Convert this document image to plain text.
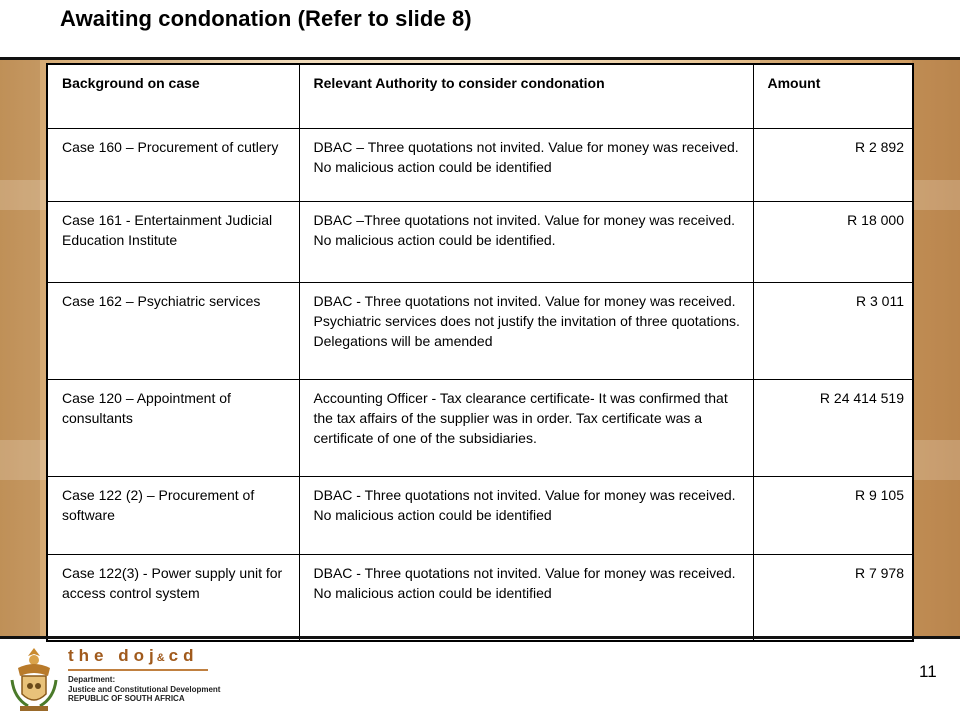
Awaiting condonation (Refer to slide 8)
Background on case	Relevant Authority to consider condonation	Amount
Case 160 – Procurement of cutlery	DBAC – Three quotations not invited. Value for money was received. No malicious action could be identified	R 2 892
Case 161 - Entertainment Judicial Education Institute	DBAC –Three quotations not invited. Value for money was received. No malicious action could be identified.	R 18 000
Case 162 – Psychiatric services	DBAC - Three quotations not invited. Value for money was received. Psychiatric services does not justify the invitation of three quotations. Delegations will be amended	R 3 011
Case 120 – Appointment of consultants	Accounting Officer - Tax clearance certificate- It was confirmed that the tax affairs of the supplier was in order. Tax certificate was a certificate of one of the subsidiaries.	R 24 414 519
Case 122 (2) – Procurement of software	DBAC - Three quotations not invited. Value for money was received. No malicious action could be identified	R 9 105
Case 122(3) - Power supply unit for access control system	DBAC - Three quotations not invited. Value for money was received. No malicious action could be identified	R 7 978
the doj& cd
Department:
Justice and Constitutional Development
REPUBLIC OF SOUTH AFRICA
11
